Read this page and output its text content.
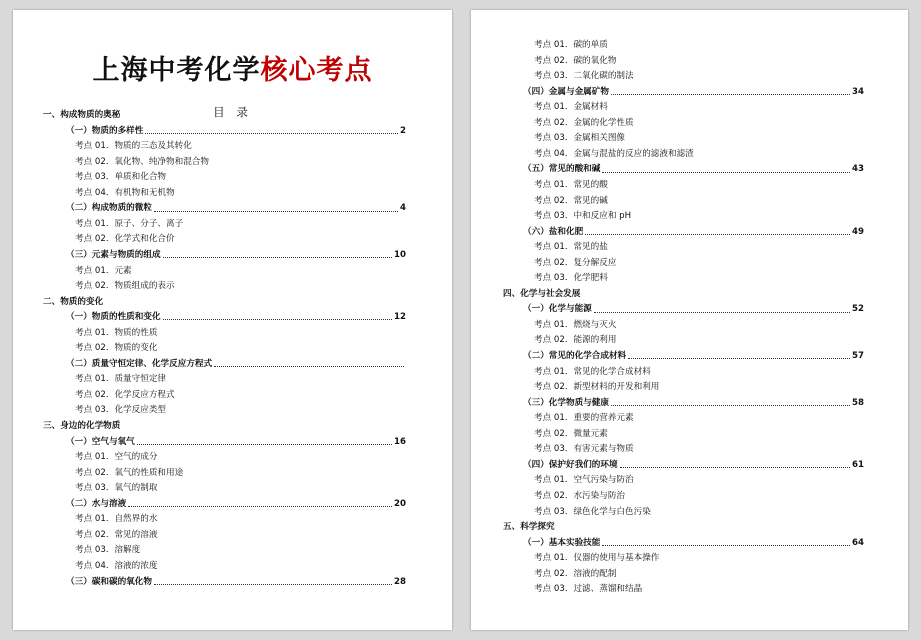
上海中考化学核心考点
目 录
一、构成物质的奥秘
（一）物质的多样性	2
考点 01．物质的三态及其转化
考点 02．氧化物、纯净物和混合物
考点 03．单质和化合物
考点 04．有机物和无机物
（二）构成物质的微粒	4
考点 01．原子、分子、离子
考点 02．化学式和化合价
（三）元素与物质的组成	10
考点 01．元素
考点 02．物质组成的表示
二、物质的变化
（一）物质的性质和变化	12
考点 01．物质的性质
考点 02．物质的变化
（二）质量守恒定律、化学反应方程式
考点 01．质量守恒定律
考点 02．化学反应方程式
考点 03．化学反应类型
三、身边的化学物质
（一）空气与氧气	16
考点 01．空气的成分
考点 02．氧气的性质和用途
考点 03．氧气的制取
（二）水与溶液	20
考点 01．自然界的水
考点 02．常见的溶液
考点 03．溶解度
考点 04．溶液的浓度
（三）碳和碳的氧化物	28
考点 01．碳的单质
考点 02．碳的氧化物
考点 03．二氧化碳的制法
（四）金属与金属矿物	34
考点 01．金属材料
考点 02．金属的化学性质
考点 03．金属相关图像
考点 04．金属与混盐的反应的滤液和滤渣
（五）常见的酸和碱	43
考点 01．常见的酸
考点 02．常见的碱
考点 03．中和反应和 pH
（六）盐和化肥	49
考点 01．常见的盐
考点 02．复分解反应
考点 03．化学肥料
四、化学与社会发展
（一）化学与能源	52
考点 01．燃烧与灭火
考点 02．能源的利用
（二）常见的化学合成材料	57
考点 01．常见的化学合成材料
考点 02．新型材料的开发和利用
（三）化学物质与健康	58
考点 01．重要的营养元素
考点 02．微量元素
考点 03．有害元素与物质
（四）保护好我们的环境	61
考点 01．空气污染与防治
考点 02．水污染与防治
考点 03．绿色化学与白色污染
五、科学探究
（一）基本实验技能	64
考点 01．仪器的使用与基本操作
考点 02．溶液的配制
考点 03．过滤、蒸馏和结晶
